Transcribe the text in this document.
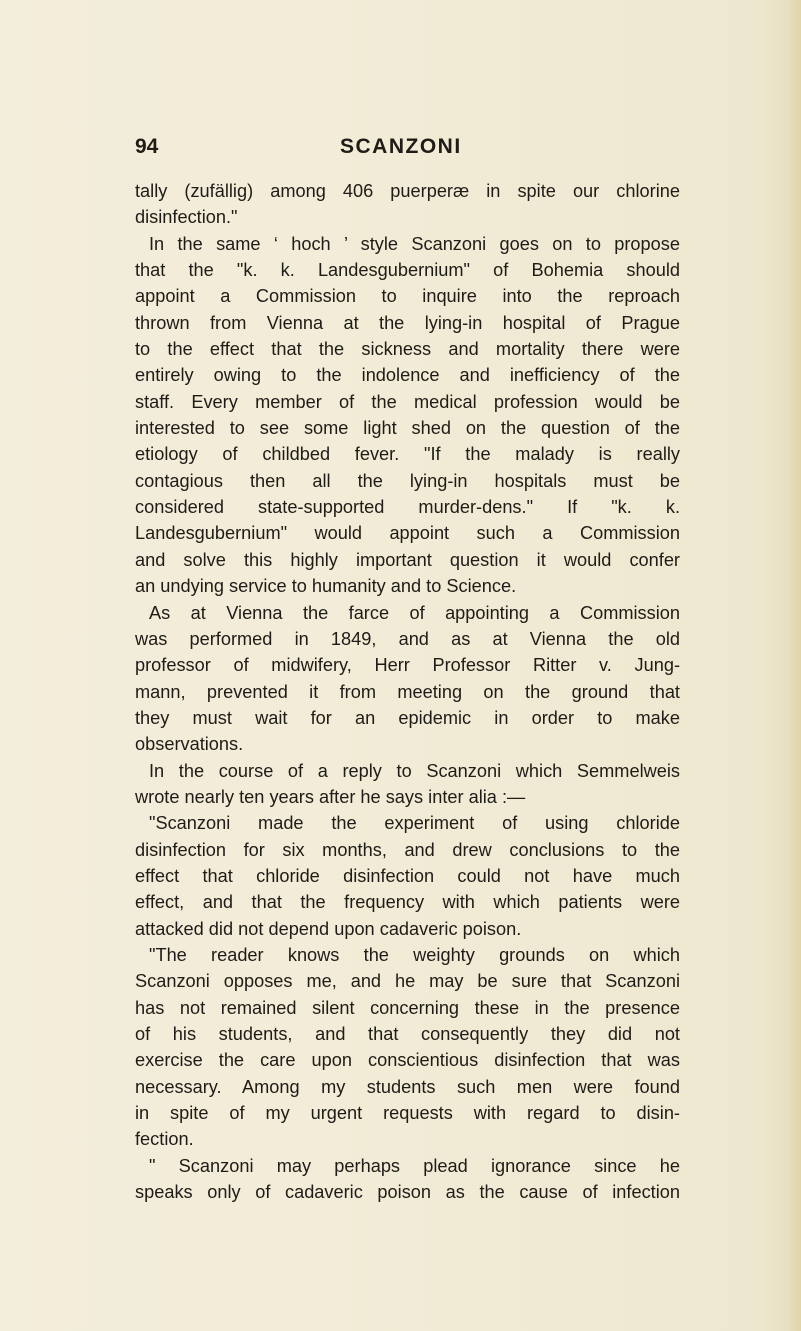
94	SCANZONI
tally (zufällig) among 406 puerperæ in spite our chlorine
disinfection."
In the same ‘ hoch ’ style Scanzoni goes on to propose
that the "k. k. Landesgubernium" of Bohemia should
appoint a Commission to inquire into the reproach
thrown from Vienna at the lying-in hospital of Prague
to the effect that the sickness and mortality there were
entirely owing to the indolence and inefficiency of the
staff. Every member of the medical profession would be
interested to see some light shed on the question of the
etiology of childbed fever. "If the malady is really
contagious then all the lying-in hospitals must be
considered state-supported murder-dens." If "k. k.
Landesgubernium" would appoint such a Commission
and solve this highly important question it would confer
an undying service to humanity and to Science.
As at Vienna the farce of appointing a Commission
was performed in 1849, and as at Vienna the old
professor of midwifery, Herr Professor Ritter v. Jung-
mann, prevented it from meeting on the ground that
they must wait for an epidemic in order to make
observations.
In the course of a reply to Scanzoni which Semmelweis
wrote nearly ten years after he says inter alia :—
"Scanzoni made the experiment of using chloride
disinfection for six months, and drew conclusions to the
effect that chloride disinfection could not have much
effect, and that the frequency with which patients were
attacked did not depend upon cadaveric poison.
"The reader knows the weighty grounds on which
Scanzoni opposes me, and he may be sure that Scanzoni
has not remained silent concerning these in the presence
of his students, and that consequently they did not
exercise the care upon conscientious disinfection that was
necessary. Among my students such men were found
in spite of my urgent requests with regard to disin-
fection.
" Scanzoni may perhaps plead ignorance since he
speaks only of cadaveric poison as the cause of infection
